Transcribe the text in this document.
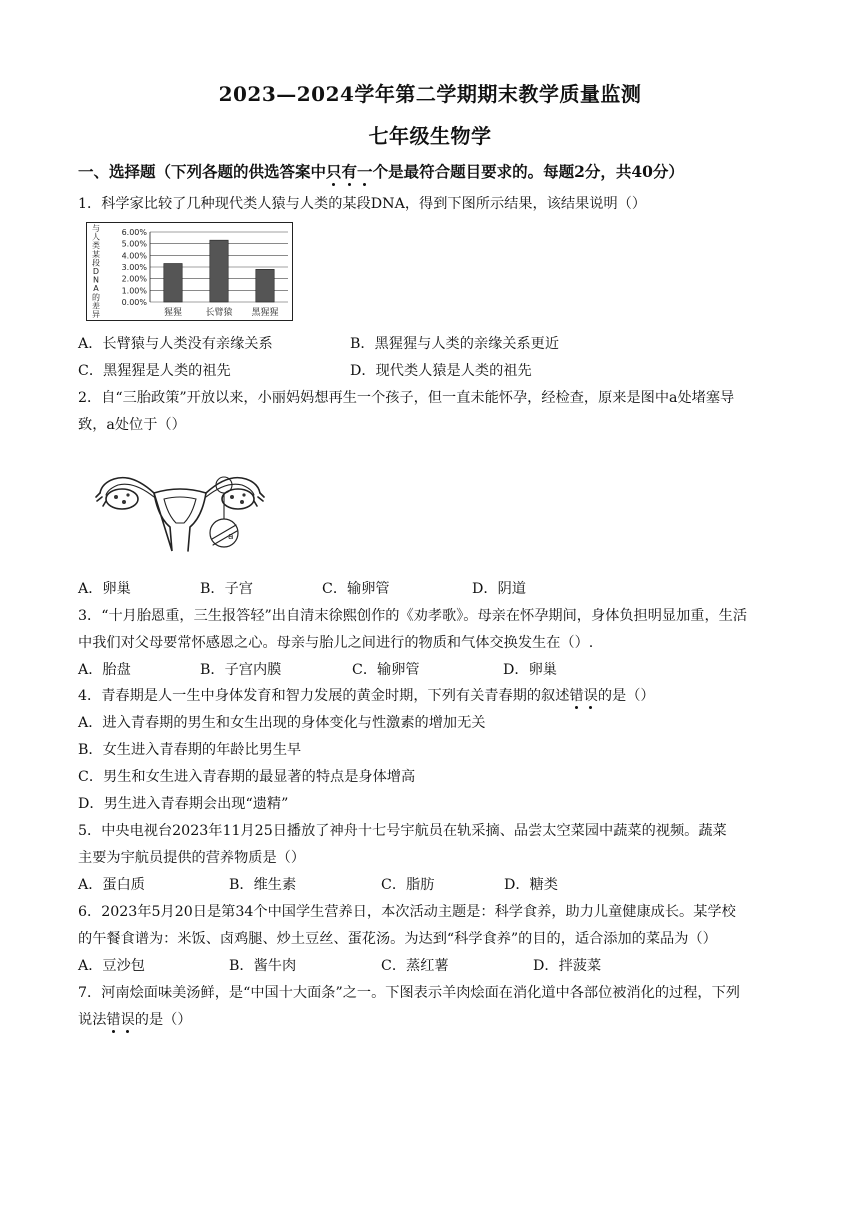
2023—2024学年第二学期期末教学质量监测
七年级生物学
一、选择题（下列各题的供选答案中只有一个是最符合题目要求的。每题2分，共40分）
1．科学家比较了几种现代类人猿与人类的某段DNA，得到下图所示结果，该结果说明（）
与
人
类
某
段
D
N
A
的
差
异
0.00%
1.00%
2.00%
3.00%
4.00%
5.00%
6.00%
猩猩	长臂猿 黑猩猩
A．长臂猿与人类没有亲缘关系	B．黑猩猩与人类的亲缘关系更近
C．黑猩猩是人类的祖先	D．现代类人猿是人类的祖先
2．自“三胎政策”开放以来，小丽妈妈想再生一个孩子，但一直未能怀孕，经检查，原来是图中a处堵塞导
致，a处位于（）
a
A．卵巢	B．子宫	C．输卵管	D．阴道
3．“十月胎恩重，三生报答轻”出自清末徐熙创作的《劝孝歌》。母亲在怀孕期间，身体负担明显加重，生活
中我们对父母要常怀感恩之心。母亲与胎儿之间进行的物质和气体交换发生在（）.
A．胎盘	B．子宫内膜	C．输卵管	D．卵巢
4．青春期是人一生中身体发育和智力发展的黄金时期，下列有关青春期的叙述错误的是（）
A．进入青春期的男生和女生出现的身体变化与性激素的增加无关
B．女生进入青春期的年龄比男生早
C．男生和女生进入青春期的最显著的特点是身体增高
D．男生进入青春期会出现“遗精”
5．中央电视台2023年11月25日播放了神舟十七号宇航员在轨采摘、品尝太空菜园中蔬菜的视频。蔬菜
主要为宇航员提供的营养物质是（）
A．蛋白质	B．维生素	C．脂肪	D．糖类
6．2023年5月20日是第34个中国学生营养日，本次活动主题是：科学食养，助力儿童健康成长。某学校
的午餐食谱为：米饭、卤鸡腿、炒土豆丝、蛋花汤。为达到“科学食养”的目的，适合添加的菜品为（）
A．豆沙包	B．酱牛肉	C．蒸红薯	D．拌菠菜
7．河南烩面味美汤鲜，是“中国十大面条”之一。下图表示羊肉烩面在消化道中各部位被消化的过程，下列
说法错误的是（）
